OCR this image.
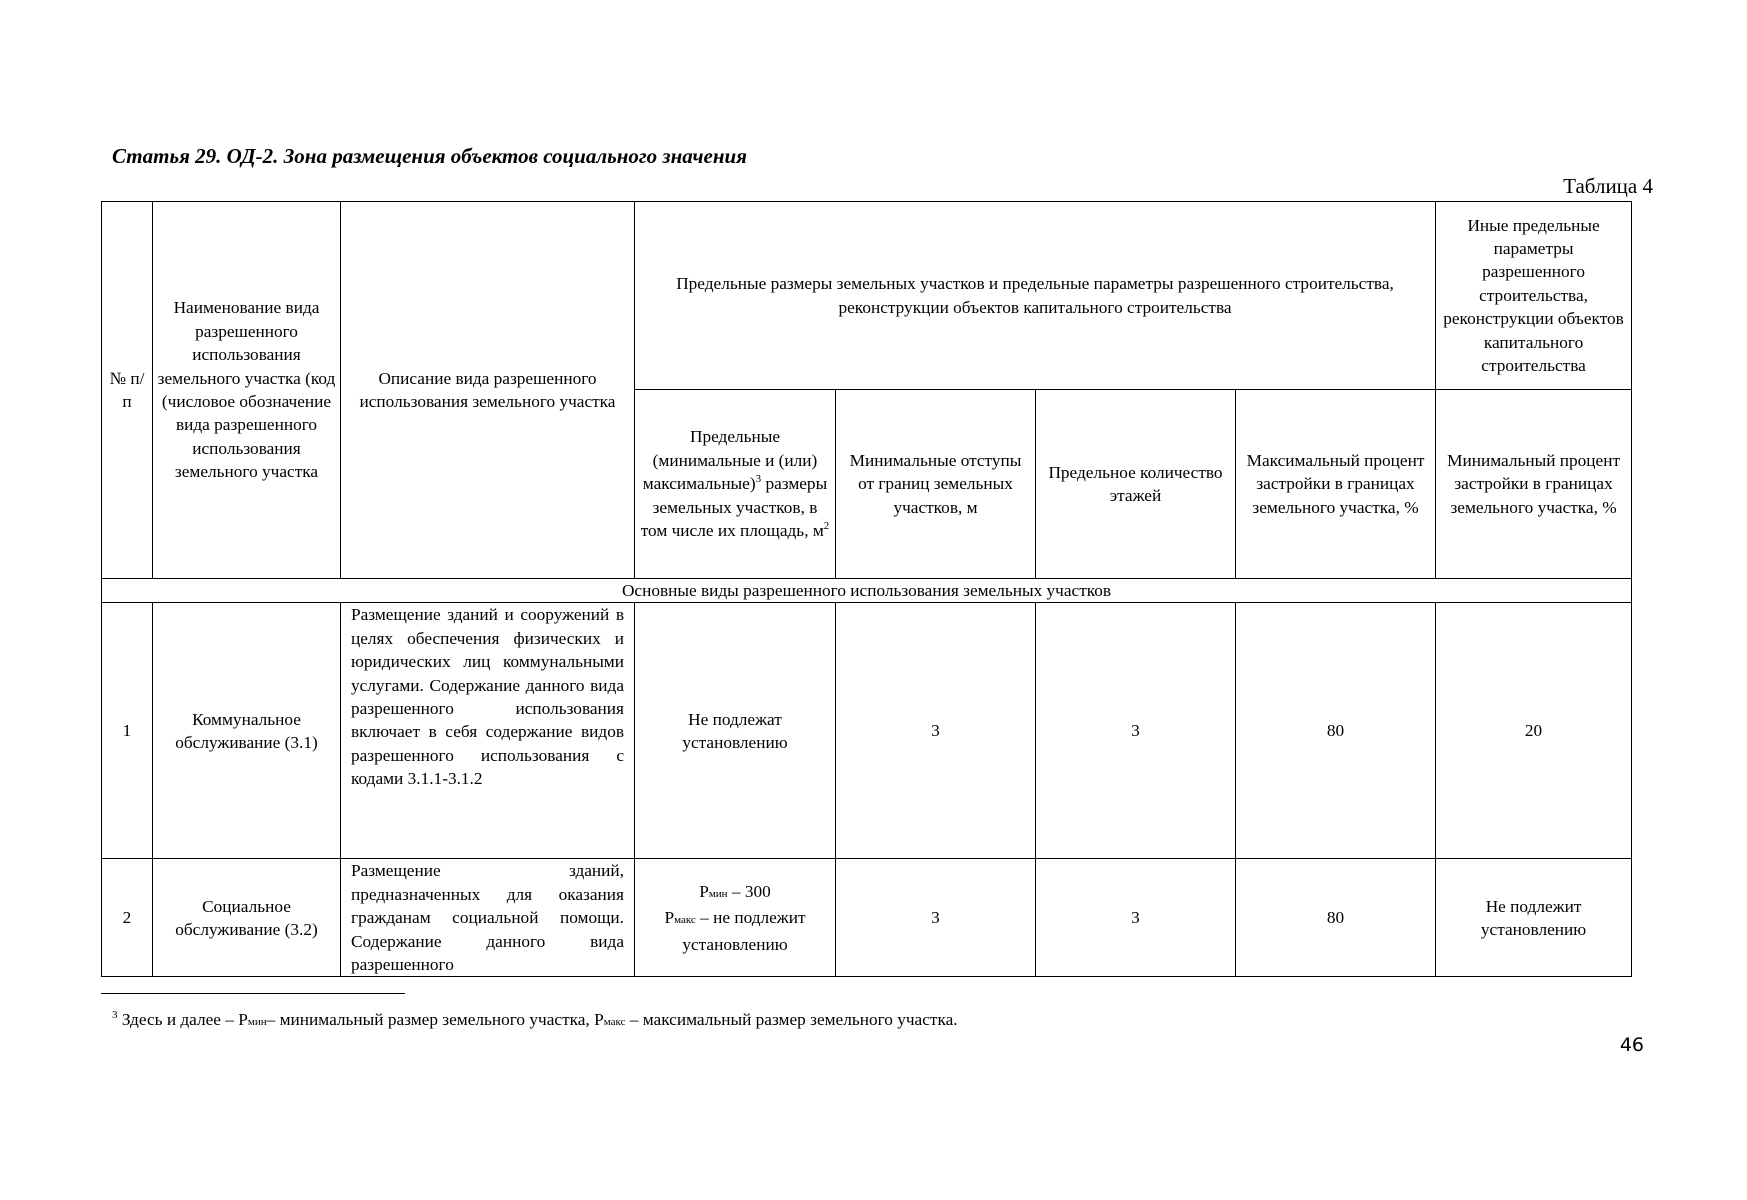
Статья 29. ОД-2. Зона размещения объектов социального значения
Таблица 4
№ п/п	Наименование вида разрешенного использования земельного участка (код (числовое обозначение вида разрешенного использования земельного участка	Описание вида разрешенного использования земельного участка	Предельные размеры земельных участков и предельные параметры разрешенного строительства, реконструкции объектов капитального строительства				Иные предельные параметры разрешенного строительства, реконструкции объектов капитального строительства
			Предельные (минимальные и (или) максимальные)$^3$ размеры земельных участков, в том числе их площадь, $м^2$	Минимальные отступы от границ земельных участков, м	Предельное количество этажей	Максимальный процент застройки в границах земельного участка, %	Минимальный процент застройки в границах земельного участка, %
Основные виды разрешенного использования земельных участков							
1	Коммунальное обслуживание (3.1)	Размещение зданий и сооружений в целях обеспечения физических и юридических лиц коммунальными услугами. Содержание данного вида разрешенного использования включает в себя содержание видов разрешенного использования с кодами 3.1.1-3.1.2	Не подлежат установлению	3	3	80	20
2	Социальное обслуживание (3.2)	Размещение зданий, предназначенных для оказания гражданам социальной помощи. Содержание данного вида разрешенного	Рмин – 300
Рмакс – не подлежит установлению	3	3	80	Не подлежит установлению
$^3$ Здесь и далее – Рмин– минимальный размер земельного участка, Рмакс – максимальный размер земельного участка.
46
